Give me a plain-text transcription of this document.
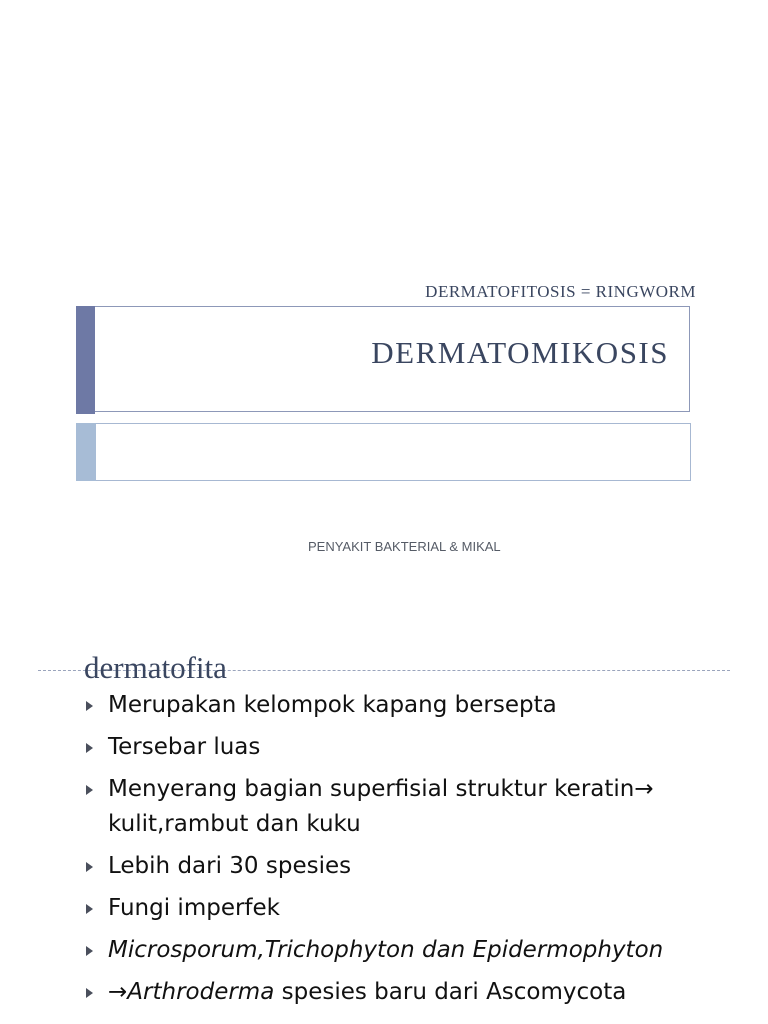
DERMATOFITOSIS = RINGWORM
DERMATOMIKOSIS
PENYAKIT BAKTERIAL & MIKAL
dermatofita
Merupakan kelompok kapang bersepta
Tersebar luas
Menyerang bagian superfisial struktur keratin→ kulit,rambut dan kuku
Lebih dari 30 spesies
Fungi imperfek
Microsporum,Trichophyton dan Epidermophyton
→Arthroderma spesies baru dari Ascomycota
